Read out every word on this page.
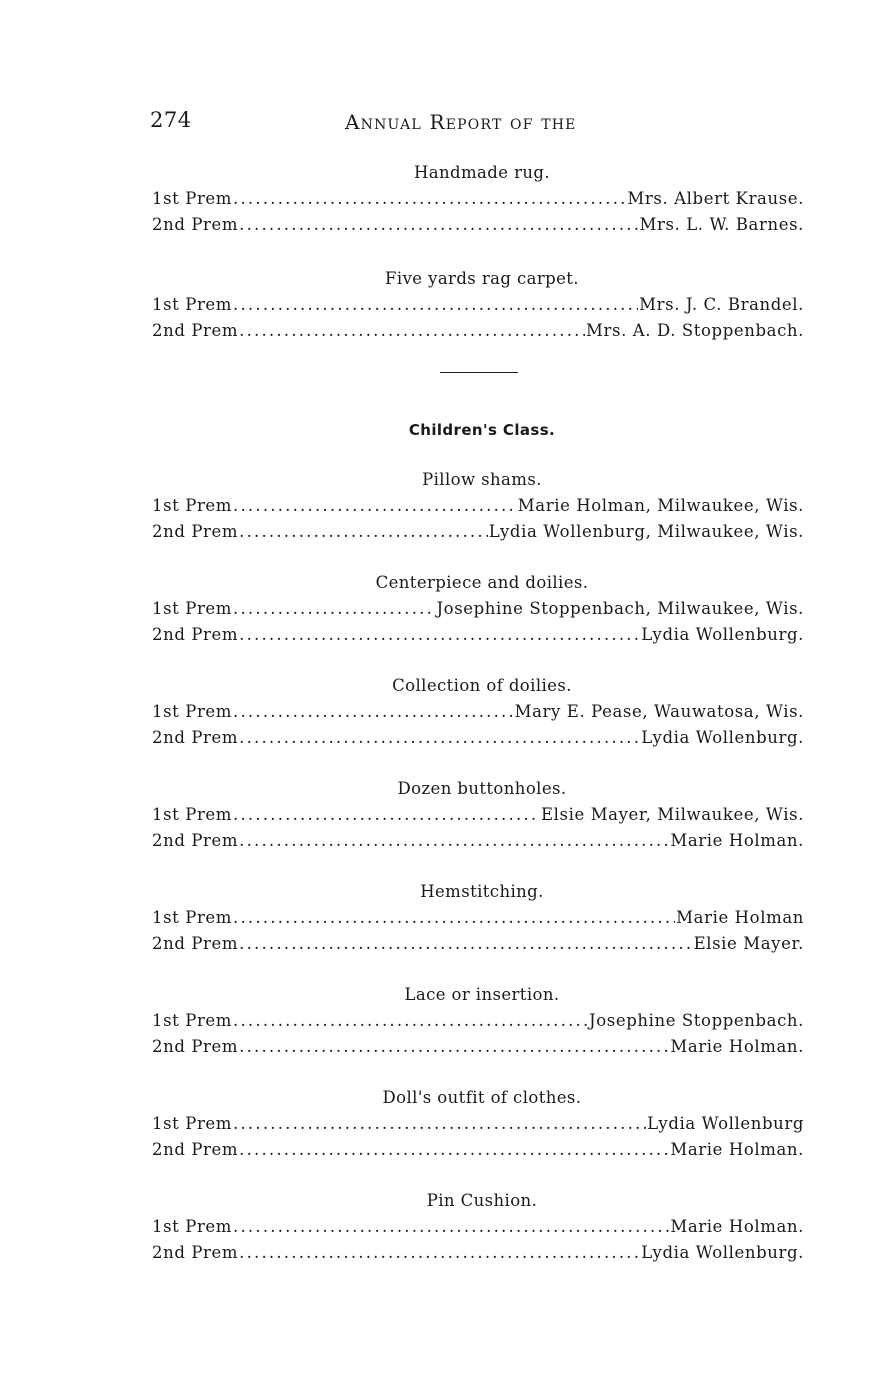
274	Annual Report of the
Handmade rug.
1st Prem .....	Mrs. Albert Krause.
2nd Prem .....	Mrs. L. W. Barnes.
Five yards rag carpet.
1st Prem .....	Mrs. J. C. Brandel.
2nd Prem .....	Mrs. A. D. Stoppenbach.
Children's Class.
Pillow shams.
1st Prem .....	Marie Holman, Milwaukee, Wis.
2nd Prem .....	Lydia Wollenburg, Milwaukee, Wis.
Centerpiece and doilies.
1st Prem .....	Josephine Stoppenbach, Milwaukee, Wis.
2nd Prem .....	Lydia Wollenburg.
Collection of doilies.
1st Prem .....	Mary E. Pease, Wauwatosa, Wis.
2nd Prem .....	Lydia Wollenburg.
Dozen buttonholes.
1st Prem .....	Elsie Mayer, Milwaukee, Wis.
2nd Prem .....	Marie Holman.
Hemstitching.
1st Prem .....	Marie Holman
2nd Prem .....	Elsie Mayer.
Lace or insertion.
1st Prem .....	Josephine Stoppenbach.
2nd Prem .....	Marie Holman.
Doll's outfit of clothes.
1st Prem .....	Lydia Wollenburg
2nd Prem .....	Marie Holman.
Pin Cushion.
1st Prem .....	Marie Holman.
2nd Prem .....	Lydia Wollenburg.
